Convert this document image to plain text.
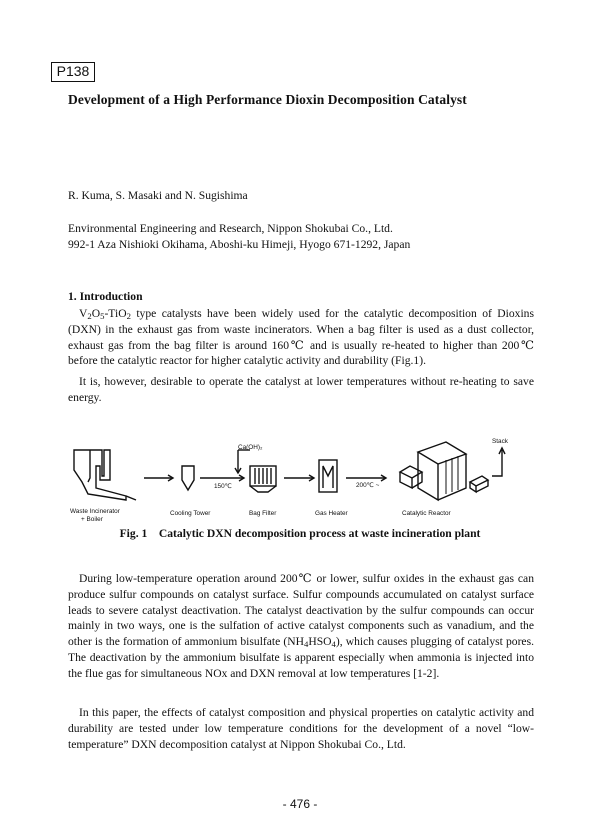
P138
Development of a High Performance Dioxin Decomposition Catalyst
R. Kuma, S. Masaki and N. Sugishima
Environmental Engineering and Research, Nippon Shokubai Co., Ltd.
992-1 Aza Nishioki Okihama, Aboshi-ku Himeji, Hyogo 671-1292, Japan
1. Introduction
$V_2O_5-TiO_2$ type catalysts have been widely used for the catalytic decomposition of Dioxins (DXN) in the exhaust gas from waste incinerators. When a bag filter is used as a dust collector, exhaust gas from the bag filter is around 160℃ and is usually re-heated to higher than 200℃ before the catalytic reactor for higher catalytic activity and durability (Fig.1).
It is, however, desirable to operate the catalyst at lower temperatures without re-heating to save energy.
Waste Incinerator
+ Boiler
Cooling Tower	Bag Filter	Gas Heater	Catalytic Reactor
Ca(OH)₂
150℃	200℃ ~
Stack
Fig. 1    Catalytic DXN decomposition process at waste incineration plant
During low-temperature operation around 200℃ or lower, sulfur oxides in the exhaust gas can produce sulfur compounds on catalyst surface. Sulfur compounds accumulated on catalyst surface leads to severe catalyst deactivation. The catalyst deactivation by the sulfur compounds can occur mainly in two ways, one is the sulfation of active catalyst components such as vanadium, and the other is the formation of ammonium bisulfate $(NH_4HSO_4)$, which causes plugging of catalyst pores. The deactivation by the ammonium bisulfate is apparent especially when ammonia is injected into the flue gas for simultaneous NOx and DXN removal at low temperatures [1-2].
In this paper, the effects of catalyst composition and physical properties on catalytic activity and durability are tested under low temperature conditions for the development of a novel “low-temperature” DXN decomposition catalyst at Nippon Shokubai Co., Ltd.
- 476 -
